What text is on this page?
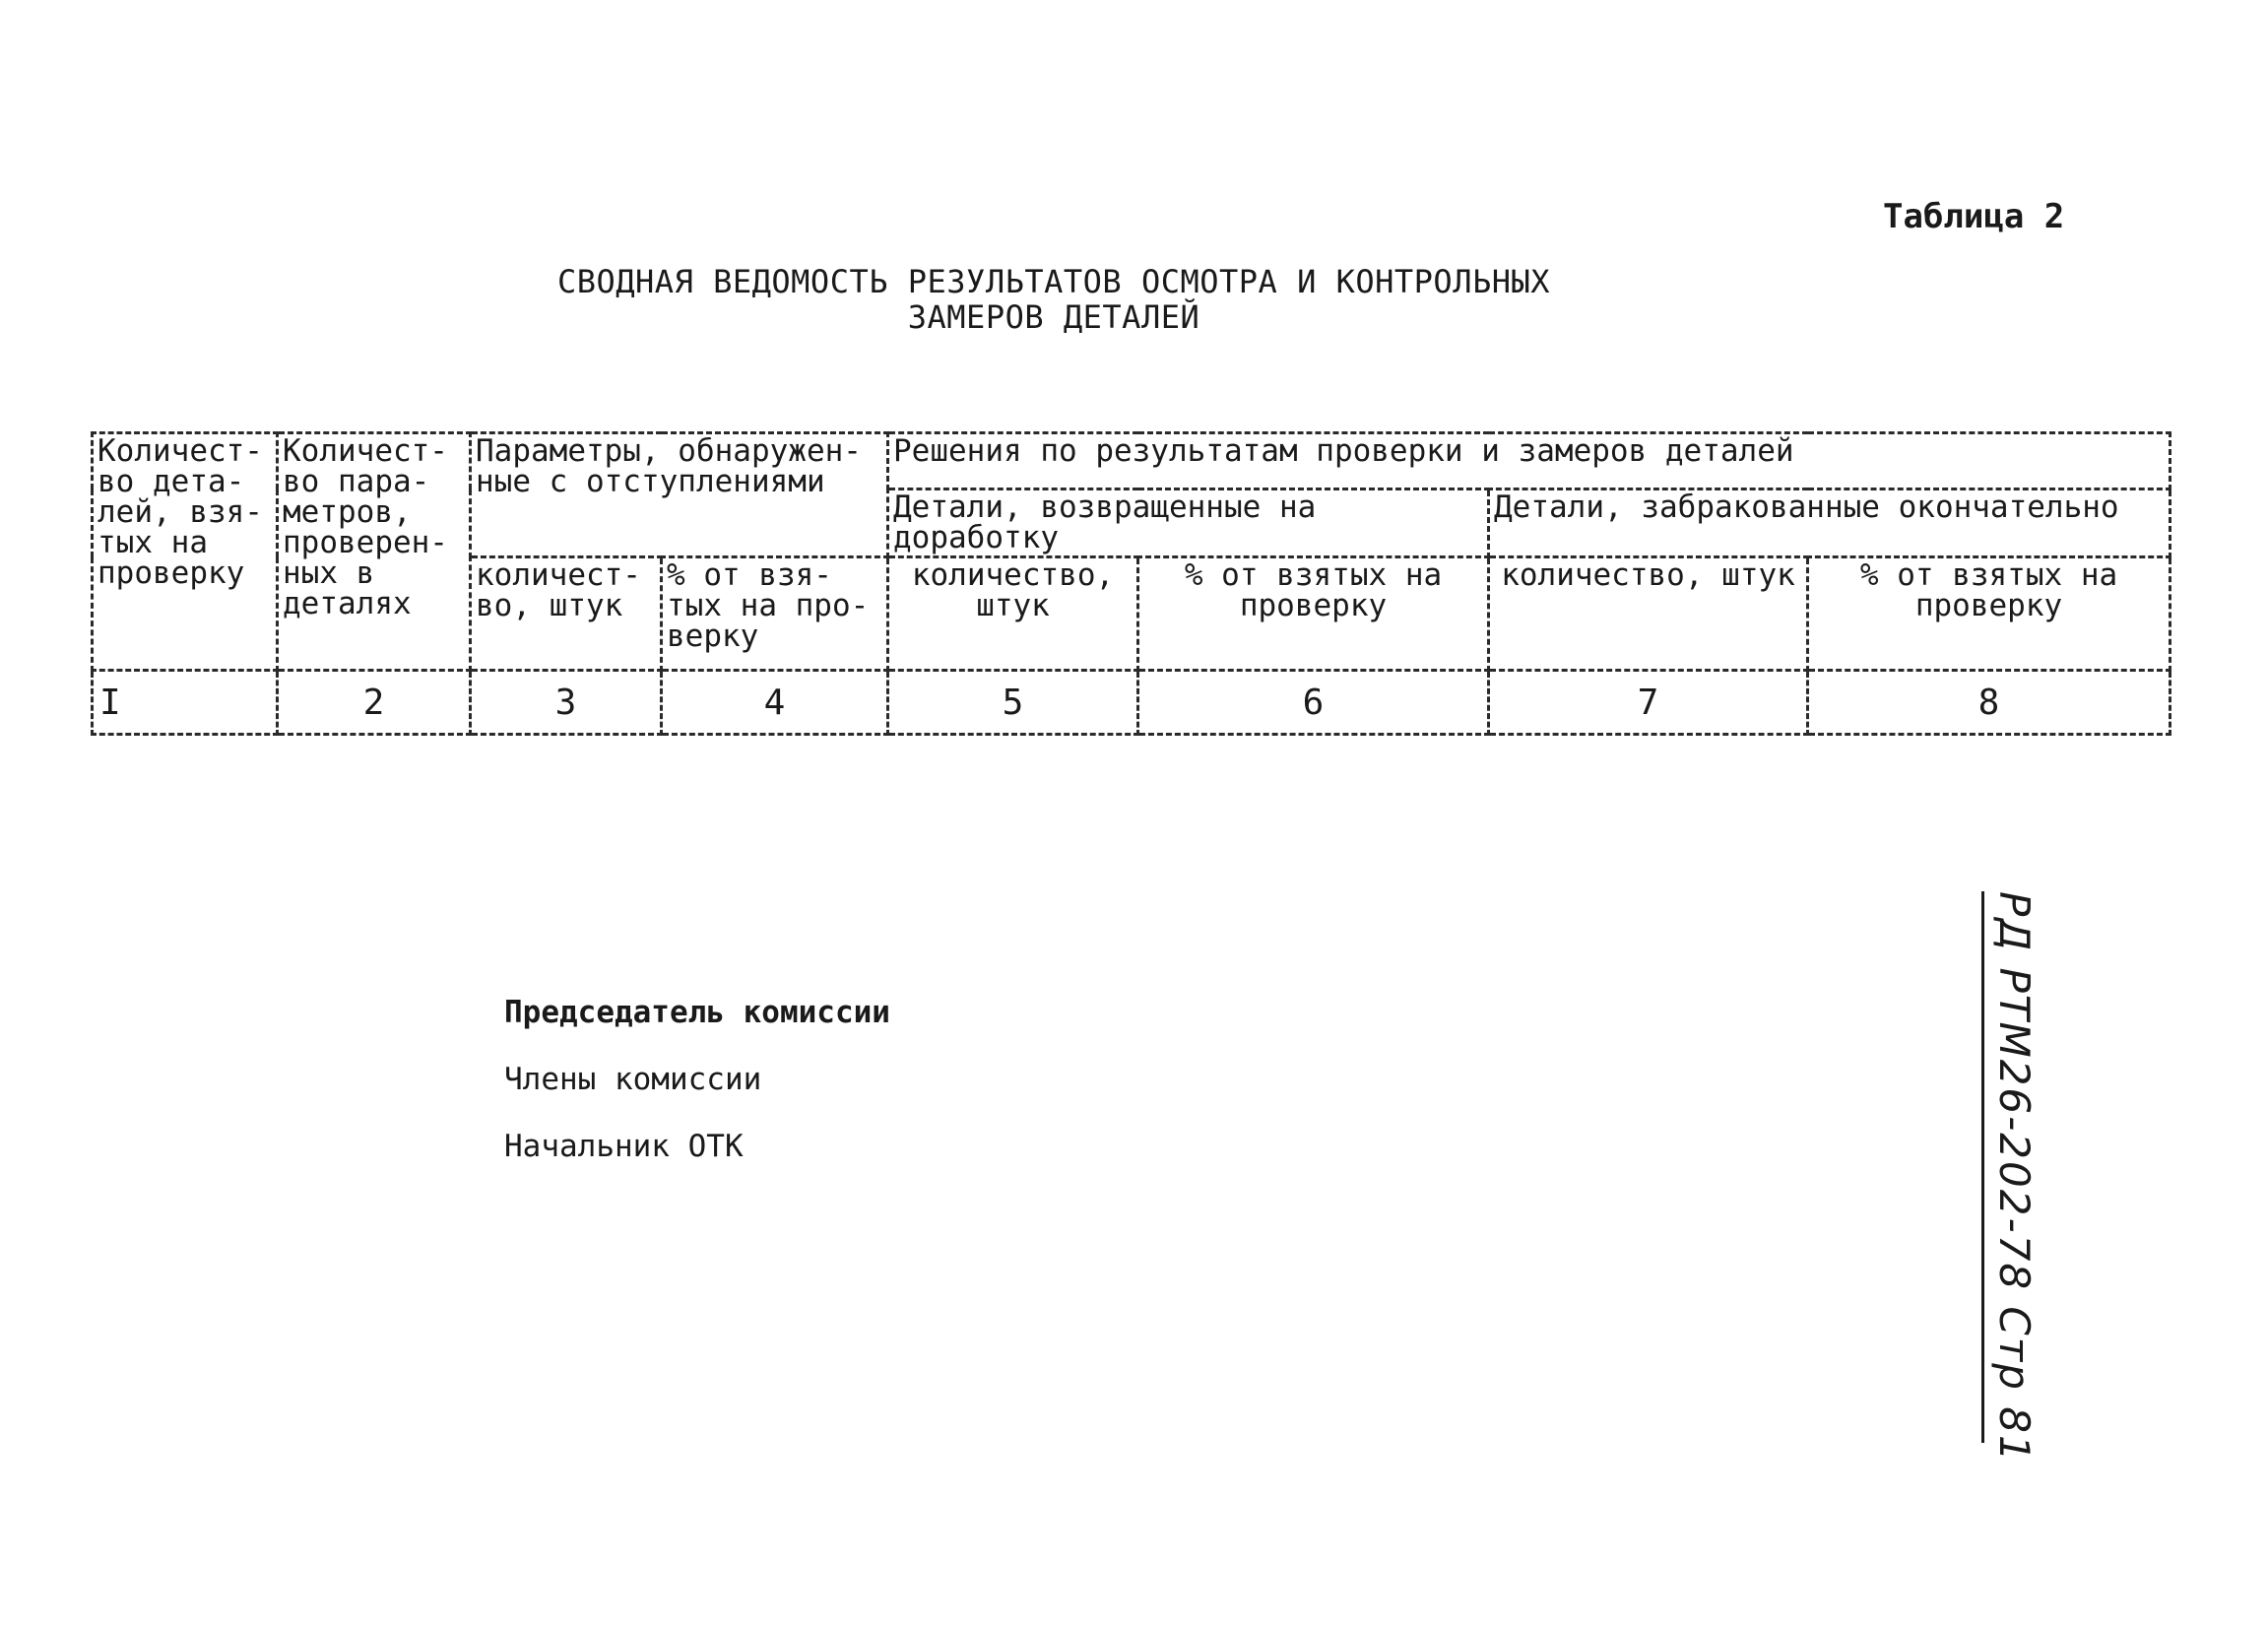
Таблица 2
СВОДНАЯ ВЕДОМОСТЬ РЕЗУЛЬТАТОВ ОСМОТРА И КОНТРОЛЬНЫХ
ЗАМЕРОВ ДЕТАЛЕЙ
Количест-во дета-лей, взя-тых на проверку	Количест-во пара-метров, проверен-ных в деталях	Параметры, обнаружен-ные с отступлениями		Решения по результатам проверки и замеров деталей			
				Детали, возвращенные на доработку		Детали, забракованные окончательно	
		количест-во, штук	% от взя-тых на про-верку	количество, штук	% от взятых на проверку	количество, штук	% от взятых на проверку
I	2	3	4	5	6	7	8
Председатель комиссии
Члены комиссии
Начальник ОТК	РД РТМ26-202-78 Стр 81
